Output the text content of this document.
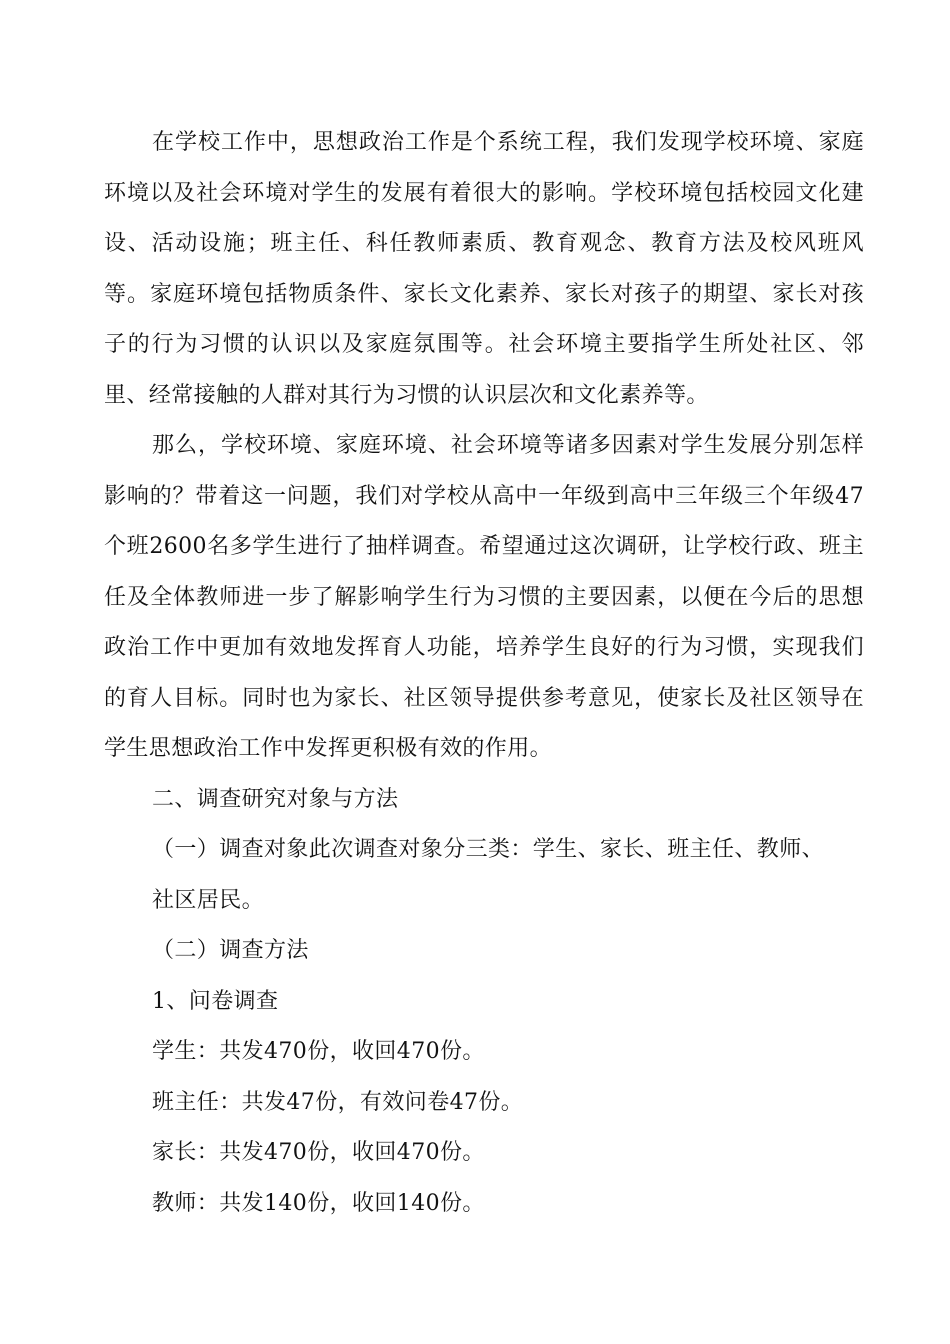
在学校工作中，思想政治工作是个系统工程，我们发现学校环境、家庭环境以及社会环境对学生的发展有着很大的影响。学校环境包括校园文化建设、活动设施；班主任、科任教师素质、教育观念、教育方法及校风班风等。家庭环境包括物质条件、家长文化素养、家长对孩子的期望、家长对孩子的行为习惯的认识以及家庭氛围等。社会环境主要指学生所处社区、邻里、经常接触的人群对其行为习惯的认识层次和文化素养等。

那么，学校环境、家庭环境、社会环境等诸多因素对学生发展分别怎样影响的？带着这一问题，我们对学校从高中一年级到高中三年级三个年级47个班2600名多学生进行了抽样调查。希望通过这次调研，让学校行政、班主任及全体教师进一步了解影响学生行为习惯的主要因素，以便在今后的思想政治工作中更加有效地发挥育人功能，培养学生良好的行为习惯，实现我们的育人目标。同时也为家长、社区领导提供参考意见，使家长及社区领导在学生思想政治工作中发挥更积极有效的作用。

二、调查研究对象与方法

（一）调查对象此次调查对象分三类：学生、家长、班主任、教师、

社区居民。

（二）调查方法

1、问卷调查

学生：共发470份，收回470份。

班主任：共发47份，有效问卷47份。

家长：共发470份，收回470份。

教师：共发140份，收回140份。
